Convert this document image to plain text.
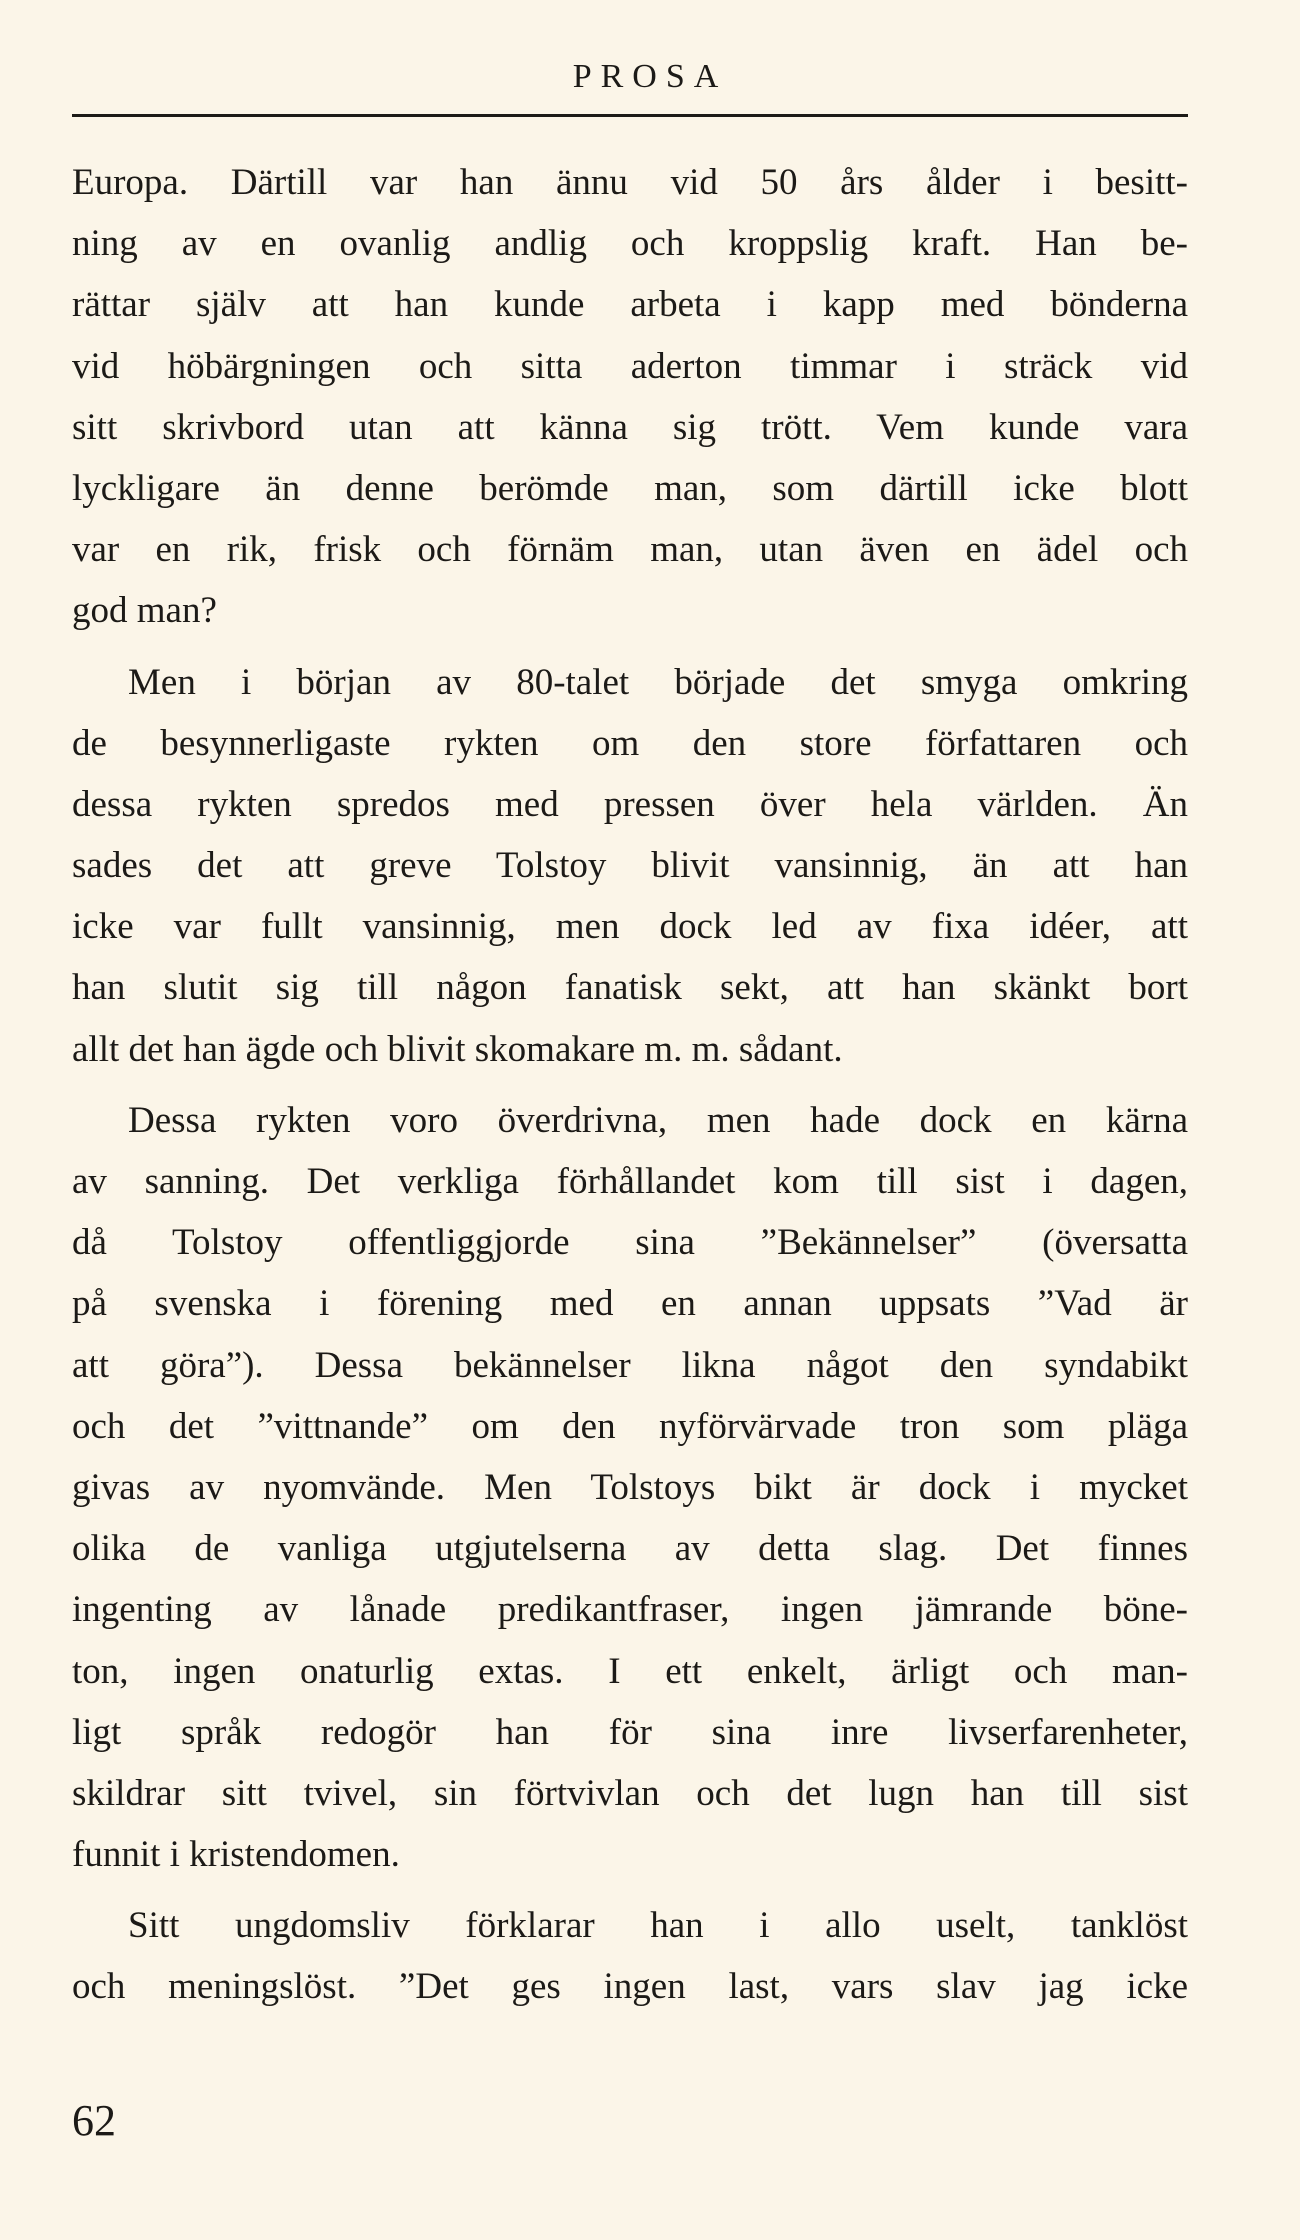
PROSA
Europa. Därtill var han ännu vid 50 års ålder i besitt-
ning av en ovanlig andlig och kroppslig kraft. Han be-
rättar själv att han kunde arbeta i kapp med bönderna
vid höbärgningen och sitta aderton timmar i sträck vid
sitt skrivbord utan att känna sig trött. Vem kunde vara
lyckligare än denne berömde man, som därtill icke blott
var en rik, frisk och förnäm man, utan även en ädel och
god man?
Men i början av 80-talet började det smyga omkring
de besynnerligaste rykten om den store författaren och
dessa rykten spredos med pressen över hela världen. Än
sades det att greve Tolstoy blivit vansinnig, än att han
icke var fullt vansinnig, men dock led av fixa idéer, att
han slutit sig till någon fanatisk sekt, att han skänkt bort
allt det han ägde och blivit skomakare m. m. sådant.
Dessa rykten voro överdrivna, men hade dock en kärna
av sanning. Det verkliga förhållandet kom till sist i dagen,
då Tolstoy offentliggjorde sina ”Bekännelser” (översatta
på svenska i förening med en annan uppsats ”Vad är
att göra”). Dessa bekännelser likna något den syndabikt
och det ”vittnande” om den nyförvärvade tron som pläga
givas av nyomvände. Men Tolstoys bikt är dock i mycket
olika de vanliga utgjutelserna av detta slag. Det finnes
ingenting av lånade predikantfraser, ingen jämrande böne-
ton, ingen onaturlig extas. I ett enkelt, ärligt och man-
ligt språk redogör han för sina inre livserfarenheter,
skildrar sitt tvivel, sin förtvivlan och det lugn han till sist
funnit i kristendomen.
Sitt ungdomsliv förklarar han i allo uselt, tanklöst
och meningslöst. ”Det ges ingen last, vars slav jag icke
62
